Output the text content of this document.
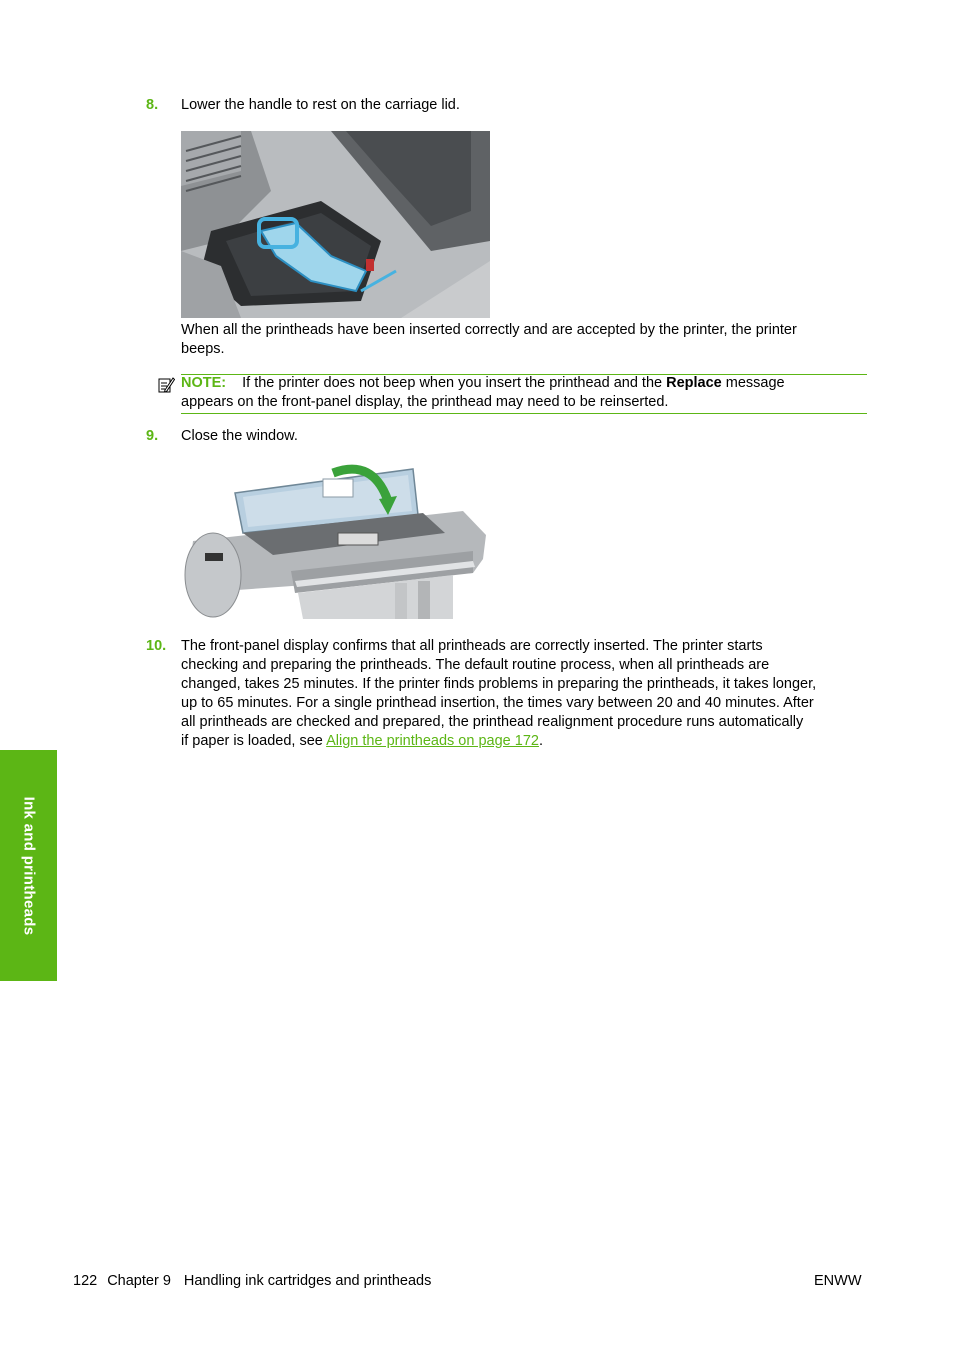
8. Lower the handle to rest on the carriage lid.
When all the printheads have been inserted correctly and are accepted by the printer, the printer
beeps.
NOTE: If the printer does not beep when you insert the printhead and the Replace message
appears on the front-panel display, the printhead may need to be reinserted.
9. Close the window.
10. The front-panel display confirms that all printheads are correctly inserted. The printer starts
checking and preparing the printheads. The default routine process, when all printheads are
changed, takes 25 minutes. If the printer finds problems in preparing the printheads, it takes longer,
up to 65 minutes. For a single printhead insertion, the times vary between 20 and 40 minutes. After
all printheads are checked and prepared, the printhead realignment procedure runs automatically
if paper is loaded, see Align the printheads on page 172.
Ink and printheads
122 Chapter 9 Handling ink cartridges and printheads	ENWW
